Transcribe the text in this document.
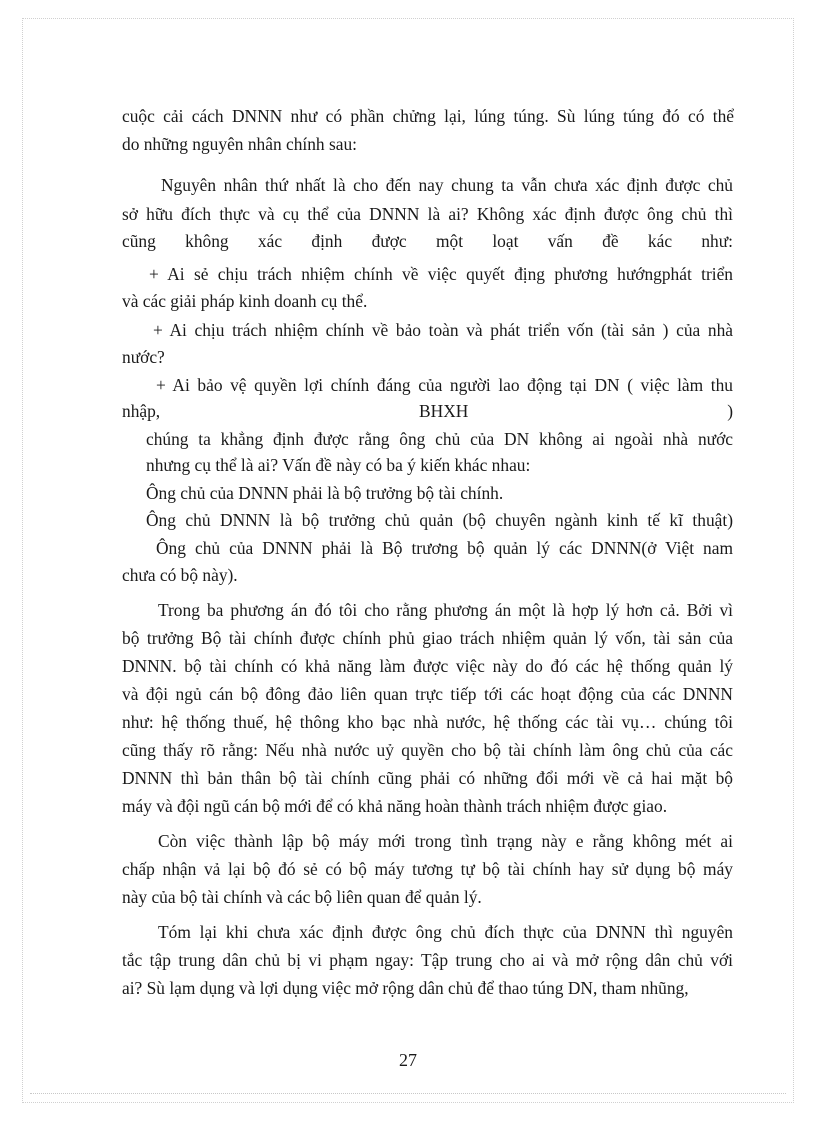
cuộc cải cách DNNN như có phần chửng lại, lúng túng. Sù lúng túng đó có thể

do những nguyên nhân chính sau:

Nguyên nhân thứ nhất là cho đến nay chung ta vẫn chưa xác định được chủ

sở hữu đích thực và cụ thể của DNNN là ai? Không xác định được ông chủ thì

cũng không xác định được một loạt vấn đề kác như:

+ Ai sẻ chịu trách nhiệm chính về việc quyết địng phương hướngphát triển

và các giải pháp kinh doanh cụ thể.

+ Ai chịu trách nhiệm chính về bảo toàn và phát triển vốn (tài sản ) của nhà

nước?

+ Ai bảo vệ quyền lợi chính đáng của người lao động tại DN ( việc làm thu

nhập, BHXH )

chúng ta khẳng định được rằng ông chủ của DN không ai ngoài nhà nước

nhưng cụ thể là ai? Vấn đề này có ba ý kiến khác nhau:

Ông chủ của DNNN phải là bộ trưởng bộ tài chính.

Ông chủ DNNN là bộ trưởng chủ quản (bộ chuyên ngành kinh tế kĩ thuật)

Ông chủ của DNNN phải là Bộ trương bộ quản lý các DNNN(ở Việt nam

chưa có bộ này).

Trong ba phương án đó tôi cho rằng phương án một là hợp lý hơn cả. Bởi vì

bộ trưởng Bộ tài chính được chính phủ giao trách nhiệm quản lý vốn, tài sản của

DNNN. bộ tài chính có khả năng làm được việc này do đó các hệ thống quản lý

và đội ngủ cán bộ đông đảo liên quan trực tiếp tới các hoạt động của các DNNN

như: hệ thống thuế, hệ thông kho bạc nhà nước, hệ thống các tài vụ… chúng tôi

cũng thấy rõ rằng: Nếu nhà nước uỷ quyền cho bộ tài chính làm ông chủ của các

DNNN thì bản thân bộ tài chính cũng phải có những đổi mới về cả hai mặt bộ

máy và đội ngũ cán bộ mới để có khả năng hoàn thành trách nhiệm được giao.

Còn việc thành lập bộ máy mới trong tình trạng này e rằng không mét ai

chấp nhận vả lại bộ đó sẻ có bộ máy tương tự bộ tài chính hay sử dụng bộ máy

này của bộ tài chính và các bộ liên quan để quản lý.

Tóm lại khi chưa xác định được ông chủ đích thực của DNNN thì nguyên

tắc tập trung dân chủ bị vi phạm ngay: Tập trung cho ai và mở rộng dân chủ với

ai? Sù lạm dụng và lợi dụng việc mở rộng dân chủ để thao túng DN, tham nhũng,

27
